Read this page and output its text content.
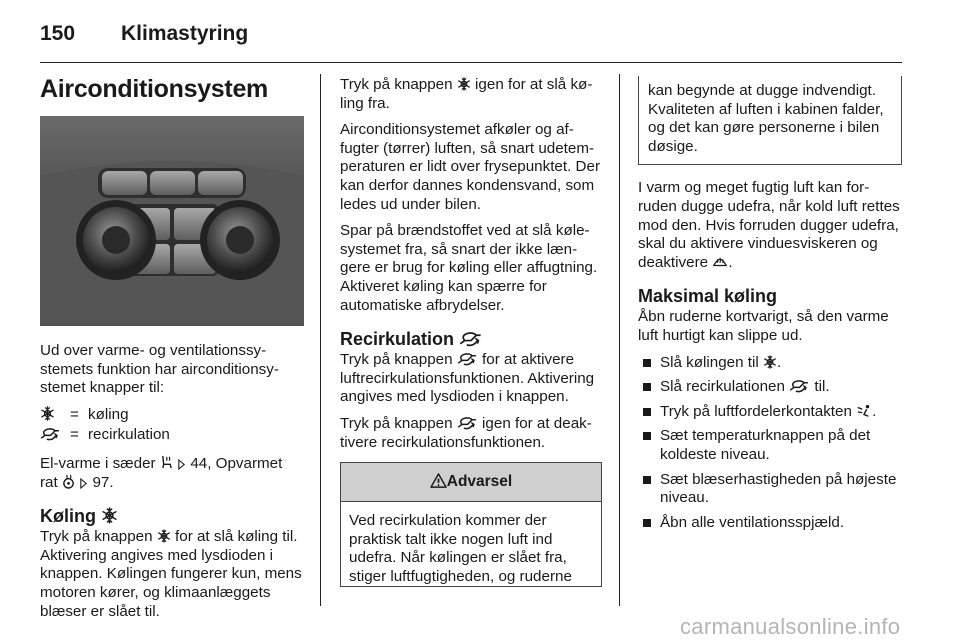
150 Klimastyring
Airconditionsystem

Ud over varme- og ventilationssystemets funktion har airconditionsystemet knapper til:

= køling
= recirkulation

El-varme i sæder 44, Opvarmet rat 97.

Køling

Tryk på knappen for at slå køling til. Aktivering angives med lysdioden i knappen. Kølingen fungerer kun, mens motoren kører, og klimaanlæggets blæser er slået til.

Tryk på knappen igen for at slå køling fra.

Airconditionsystemet afkøler og affugter (tørrer) luften, så snart udetemperaturen er lidt over frysepunktet. Der kan derfor dannes kondensvand, som ledes ud under bilen.

Spar på brændstoffet ved at slå kølesystemet fra, så snart der ikke længere er brug for køling eller affugtning. Aktiveret køling kan spærre for automatiske afbrydelser.

Recirkulation

Tryk på knappen for at aktivere luftrecirkulationsfunktionen. Aktivering angives med lysdioden i knappen.

Tryk på knappen igen for at deaktivere recirkulationsfunktionen.

Advarsel
Ved recirkulation kommer der praktisk talt ikke nogen luft ind udefra. Når kølingen er slået fra, stiger luftfugtigheden, og ruderne
kan begynde at dugge indvendigt. Kvaliteten af luften i kabinen falder, og det kan gøre personerne i bilen døsige.

I varm og meget fugtig luft kan forruden dugge udefra, når kold luft rettes mod den. Hvis forruden dugger udefra, skal du aktivere vinduesviskeren og deaktivere .

Maksimal køling

Åbn ruderne kortvarigt, så den varme luft hurtigt kan slippe ud.

Slå kølingen til .
Slå recirkulationen til.
Tryk på luftfordelerkontakten .
Sæt temperaturknappen på det koldeste niveau.
Sæt blæserhastigheden på højeste niveau.
Åbn alle ventilationsspjæld.
carmanualsonline.info
